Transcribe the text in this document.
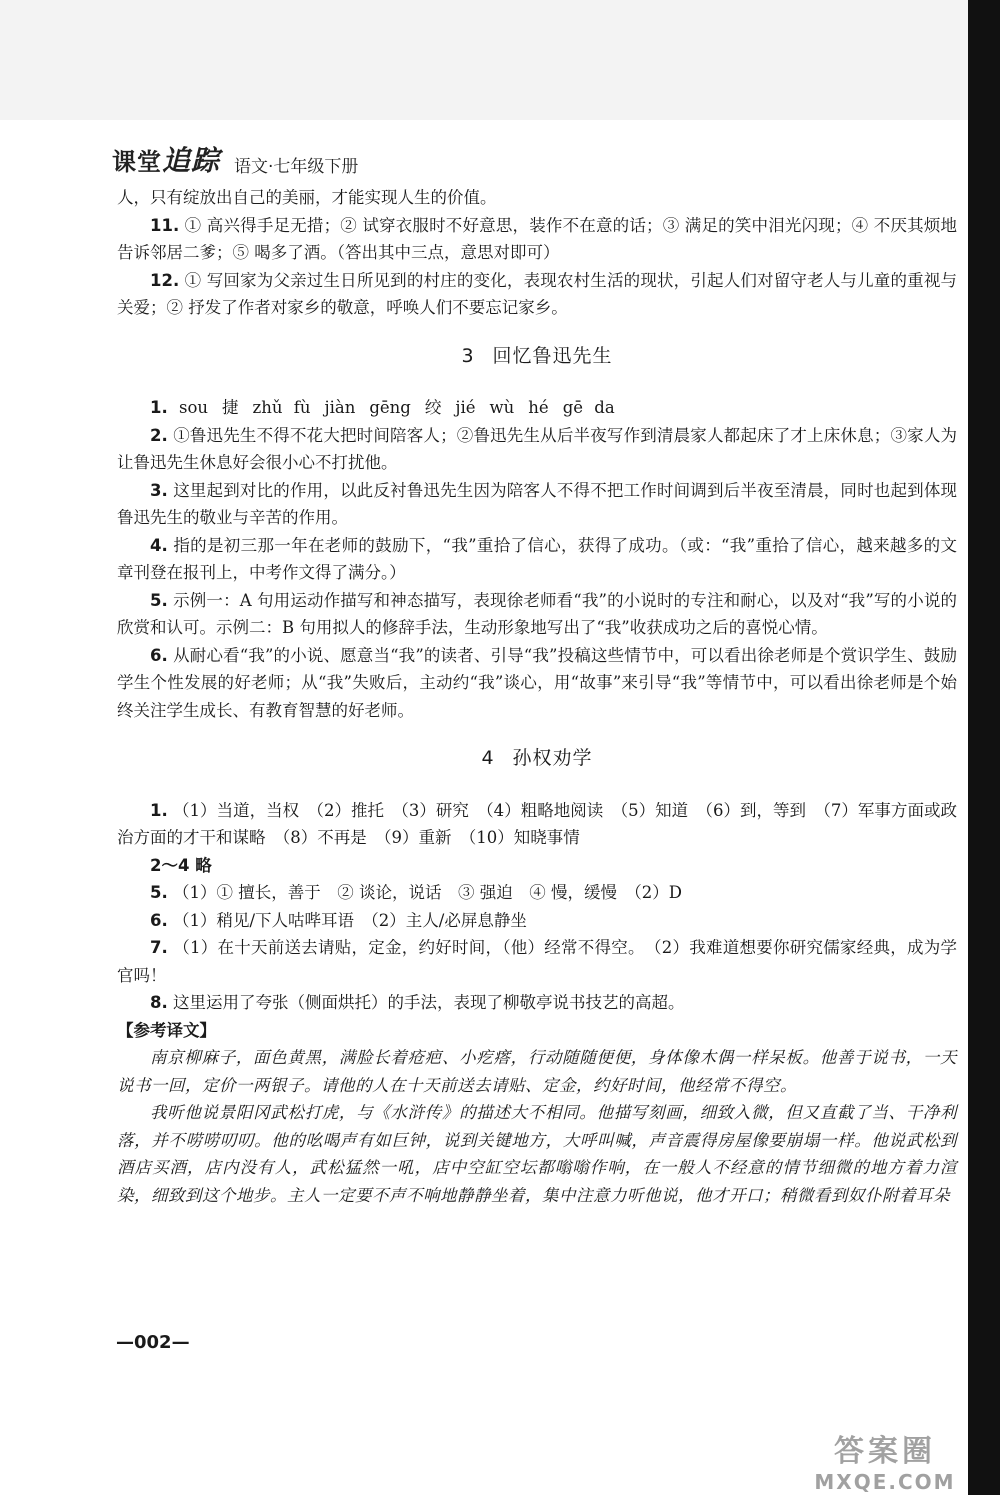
课堂追踪 语文·七年级下册

人，只有绽放出自己的美丽，才能实现人生的价值。

11. ① 高兴得手足无措；② 试穿衣服时不好意思，装作不在意的话；③ 满足的笑中泪光闪现；④ 不厌其烦地告诉邻居二爹；⑤ 喝多了酒。（答出其中三点，意思对即可）

12. ① 写回家为父亲过生日所见到的村庄的变化，表现农村生活的现状，引起人们对留守老人与儿童的重视与关爱；② 抒发了作者对家乡的敬意，呼唤人们不要忘记家乡。

3 回忆鲁迅先生

1. sou 捷 zhǔ fù jiàn gēng 绞 jié wù hé gē da

2. ①鲁迅先生不得不花大把时间陪客人；②鲁迅先生从后半夜写作到清晨家人都起床了才上床休息；③家人为让鲁迅先生休息好会很小心不打扰他。

3. 这里起到对比的作用，以此反衬鲁迅先生因为陪客人不得不把工作时间调到后半夜至清晨，同时也起到体现鲁迅先生的敬业与辛苦的作用。

4. 指的是初三那一年在老师的鼓励下，“我”重拾了信心，获得了成功。（或：“我”重拾了信心，越来越多的文章刊登在报刊上，中考作文得了满分。）

5. 示例一：A 句用运动作描写和神态描写，表现徐老师看“我”的小说时的专注和耐心，以及对“我”写的小说的欣赏和认可。示例二：B 句用拟人的修辞手法，生动形象地写出了“我”收获成功之后的喜悦心情。

6. 从耐心看“我”的小说、愿意当“我”的读者、引导“我”投稿这些情节中，可以看出徐老师是个赏识学生、鼓励学生个性发展的好老师；从“我”失败后，主动约“我”谈心，用“故事”来引导“我”等情节中，可以看出徐老师是个始终关注学生成长、有教育智慧的好老师。

4 孙权劝学

1. （1）当道，当权　（2）推托　（3）研究　（4）粗略地阅读　（5）知道　（6）到，等到　（7）军事方面或政治方面的才干和谋略　（8）不再是　（9）重新　（10）知晓事情

2～4 略

5. （1）① 擅长，善于　② 谈论，说话　③ 强迫　④ 慢，缓慢　（2）D

6. （1）稍见/下人咕哔耳语　（2）主人/必屏息静坐

7. （1）在十天前送去请贴，定金，约好时间，（他）经常不得空。　（2）我难道想要你研究儒家经典，成为学官吗！

8. 这里运用了夸张（侧面烘托）的手法，表现了柳敬亭说书技艺的高超。

【参考译文】

南京柳麻子，面色黄黑，满脸长着疮疤、小疙瘩，行动随随便便，身体像木偶一样呆板。他善于说书，一天说书一回，定价一两银子。请他的人在十天前送去请贴、定金，约好时间，他经常不得空。

我听他说景阳冈武松打虎，与《水浒传》的描述大不相同。他描写刻画，细致入微，但又直截了当、干净利落，并不唠唠叨叨。他的吆喝声有如巨钟，说到关键地方，大呼叫喊，声音震得房屋像要崩塌一样。他说武松到酒店买酒，店内没有人，武松猛然一吼，店中空缸空坛都嗡嗡作响，在一般人不经意的情节细微的地方着力渲染，细致到这个地步。主人一定要不声不响地静静坐着，集中注意力听他说，他才开口；稍微看到奴仆附着耳朵

—002—
答案圈
MXQE.COM
